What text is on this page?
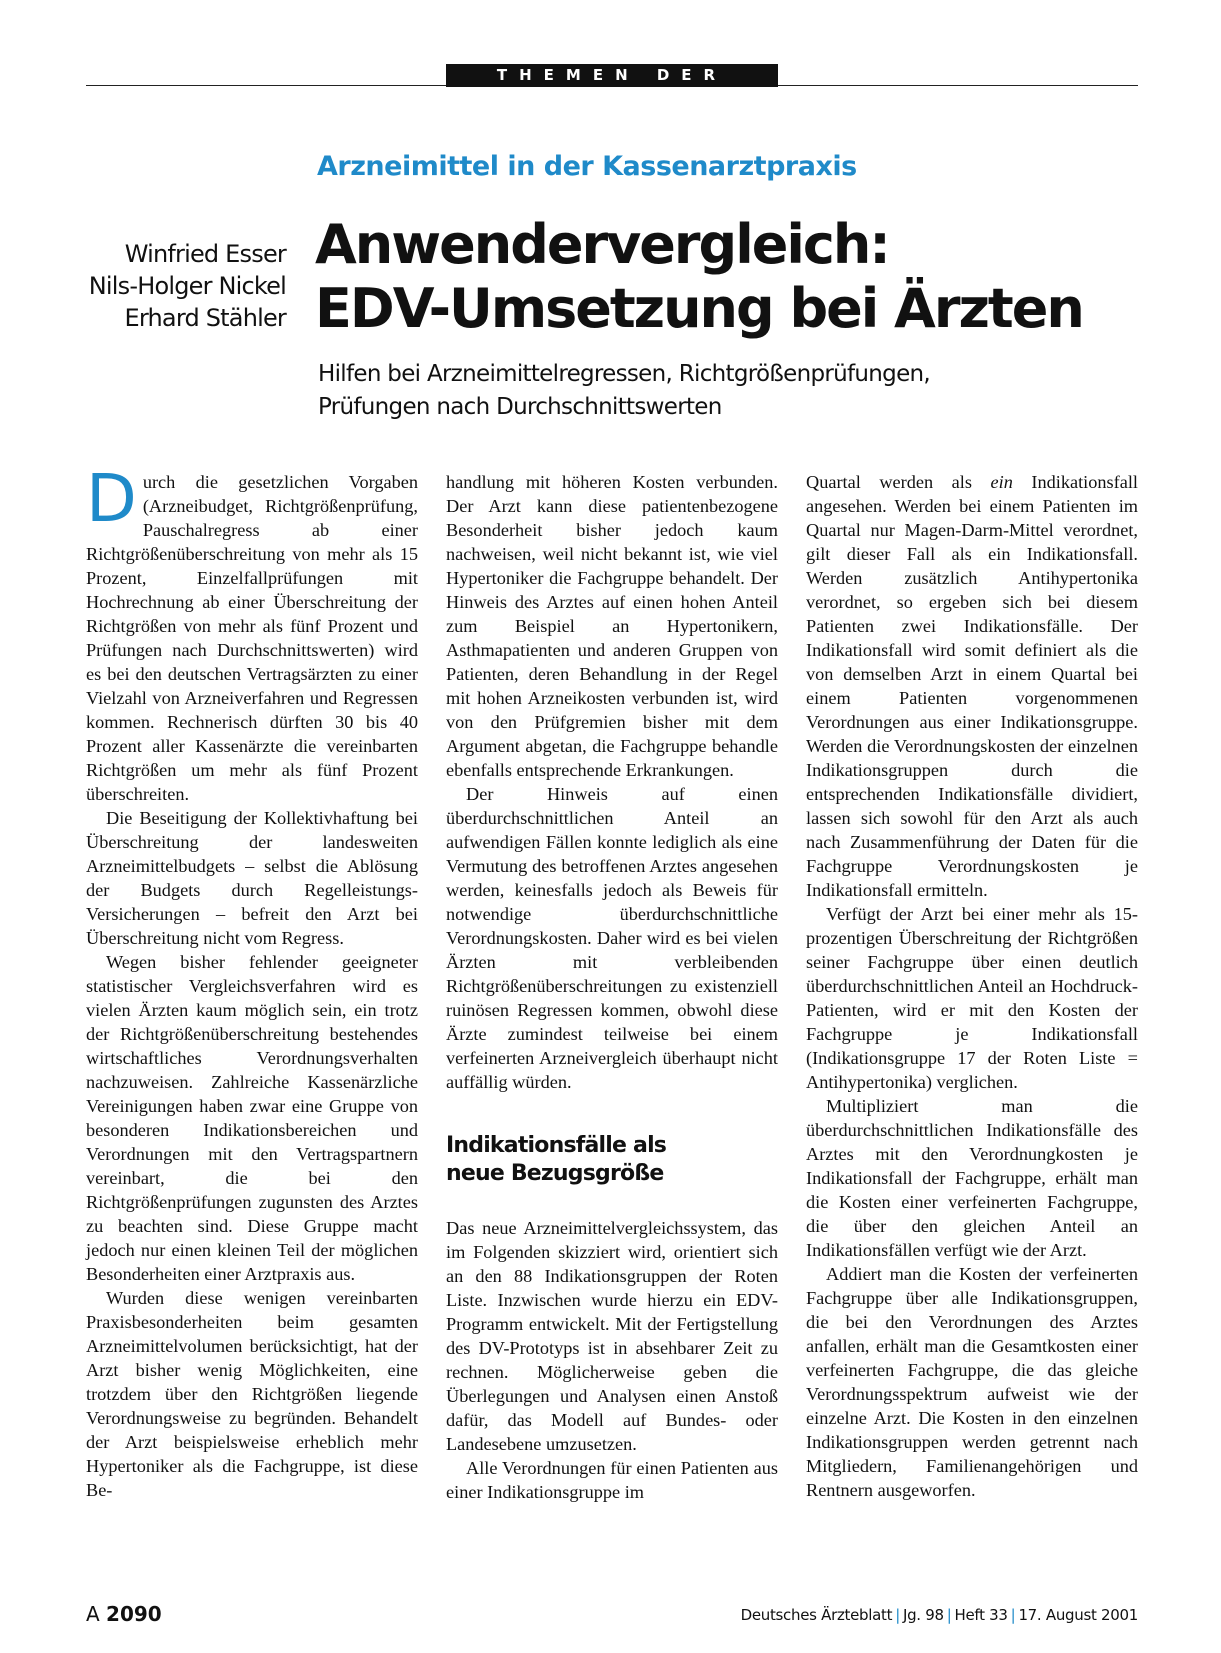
THEMEN DER ZEIT
Arzneimittel in der Kassenarztpraxis
Winfried Esser
Nils-Holger Nickel
Erhard Stähler
Anwendervergleich:
EDV-Umsetzung bei Ärzten
Hilfen bei Arzneimittelregressen, Richtgrößenprüfungen,
Prüfungen nach Durchschnittswerten

Durch die gesetzlichen Vorgaben (Arzneibudget, Richtgrößenprüfung, Pauschalregress ab einer Richtgrößenüberschreitung von mehr als 15 Prozent, Einzelfallprüfungen mit Hochrechnung ab einer Überschreitung der Richtgrößen von mehr als fünf Prozent und Prüfungen nach Durchschnittswerten) wird es bei den deutschen Vertragsärzten zu einer Vielzahl von Arzneiverfahren und Regressen kommen. Rechnerisch dürften 30 bis 40 Prozent aller Kassenärzte die vereinbarten Richtgrößen um mehr als fünf Prozent überschreiten.

Die Beseitigung der Kollektivhaftung bei Überschreitung der landesweiten Arzneimittelbudgets – selbst die Ablösung der Budgets durch Regelleistungs-Versicherungen – befreit den Arzt bei Überschreitung nicht vom Regress.

Wegen bisher fehlender geeigneter statistischer Vergleichsverfahren wird es vielen Ärzten kaum möglich sein, ein trotz der Richtgrößenüberschreitung bestehendes wirtschaftliches Verordnungsverhalten nachzuweisen. Zahlreiche Kassenärzliche Vereinigungen haben zwar eine Gruppe von besonderen Indikationsbereichen und Verordnungen mit den Vertragspartnern vereinbart, die bei den Richtgrößenprüfungen zugunsten des Arztes zu beachten sind. Diese Gruppe macht jedoch nur einen kleinen Teil der möglichen Besonderheiten einer Arztpraxis aus.

Wurden diese wenigen vereinbarten Praxisbesonderheiten beim gesamten Arzneimittelvolumen berücksichtigt, hat der Arzt bisher wenig Möglichkeiten, eine trotzdem über den Richtgrößen liegende Verordnungsweise zu begründen. Behandelt der Arzt beispielsweise erheblich mehr Hypertoniker als die Fachgruppe, ist diese Be-

handlung mit höheren Kosten verbunden. Der Arzt kann diese patientenbezogene Besonderheit bisher jedoch kaum nachweisen, weil nicht bekannt ist, wie viel Hypertoniker die Fachgruppe behandelt. Der Hinweis des Arztes auf einen hohen Anteil zum Beispiel an Hypertonikern, Asthmapatienten und anderen Gruppen von Patienten, deren Behandlung in der Regel mit hohen Arzneikosten verbunden ist, wird von den Prüfgremien bisher mit dem Argument abgetan, die Fachgruppe behandle ebenfalls entsprechende Erkrankungen.

Der Hinweis auf einen überdurchschnittlichen Anteil an aufwendigen Fällen konnte lediglich als eine Vermutung des betroffenen Arztes angesehen werden, keinesfalls jedoch als Beweis für notwendige überdurchschnittliche Verordnungskosten. Daher wird es bei vielen Ärzten mit verbleibenden Richtgrößenüberschreitungen zu existenziell ruinösen Regressen kommen, obwohl diese Ärzte zumindest teilweise bei einem verfeinerten Arzneivergleich überhaupt nicht auffällig würden.

Indikationsfälle als
neue Bezugsgröße

Das neue Arzneimittelvergleichssystem, das im Folgenden skizziert wird, orientiert sich an den 88 Indikationsgruppen der Roten Liste. Inzwischen wurde hierzu ein EDV-Programm entwickelt. Mit der Fertigstellung des DV-Prototyps ist in absehbarer Zeit zu rechnen. Möglicherweise geben die Überlegungen und Analysen einen Anstoß dafür, das Modell auf Bundes- oder Landesebene umzusetzen.

Alle Verordnungen für einen Patienten aus einer Indikationsgruppe im

Quartal werden als ein Indikationsfall angesehen. Werden bei einem Patienten im Quartal nur Magen-Darm-Mittel verordnet, gilt dieser Fall als ein Indikationsfall. Werden zusätzlich Antihypertonika verordnet, so ergeben sich bei diesem Patienten zwei Indikationsfälle. Der Indikationsfall wird somit definiert als die von demselben Arzt in einem Quartal bei einem Patienten vorgenommenen Verordnungen aus einer Indikationsgruppe. Werden die Verordnungskosten der einzelnen Indikationsgruppen durch die entsprechenden Indikationsfälle dividiert, lassen sich sowohl für den Arzt als auch nach Zusammenführung der Daten für die Fachgruppe Verordnungskosten je Indikationsfall ermitteln.

Verfügt der Arzt bei einer mehr als 15-prozentigen Überschreitung der Richtgrößen seiner Fachgruppe über einen deutlich überdurchschnittlichen Anteil an Hochdruck-Patienten, wird er mit den Kosten der Fachgruppe je Indikationsfall (Indikationsgruppe 17 der Roten Liste = Antihypertonika) verglichen.

Multipliziert man die überdurchschnittlichen Indikationsfälle des Arztes mit den Verordnungkosten je Indikationsfall der Fachgruppe, erhält man die Kosten einer verfeinerten Fachgruppe, die über den gleichen Anteil an Indikationsfällen verfügt wie der Arzt.

Addiert man die Kosten der verfeinerten Fachgruppe über alle Indikationsgruppen, die bei den Verordnungen des Arztes anfallen, erhält man die Gesamtkosten einer verfeinerten Fachgruppe, die das gleiche Verordnungsspektrum aufweist wie der einzelne Arzt. Die Kosten in den einzelnen Indikationsgruppen werden getrennt nach Mitgliedern, Familienangehörigen und Rentnern ausgeworfen.

A 2090	Deutsches Ärzteblatt | Jg. 98 | Heft 33 | 17. August 2001
